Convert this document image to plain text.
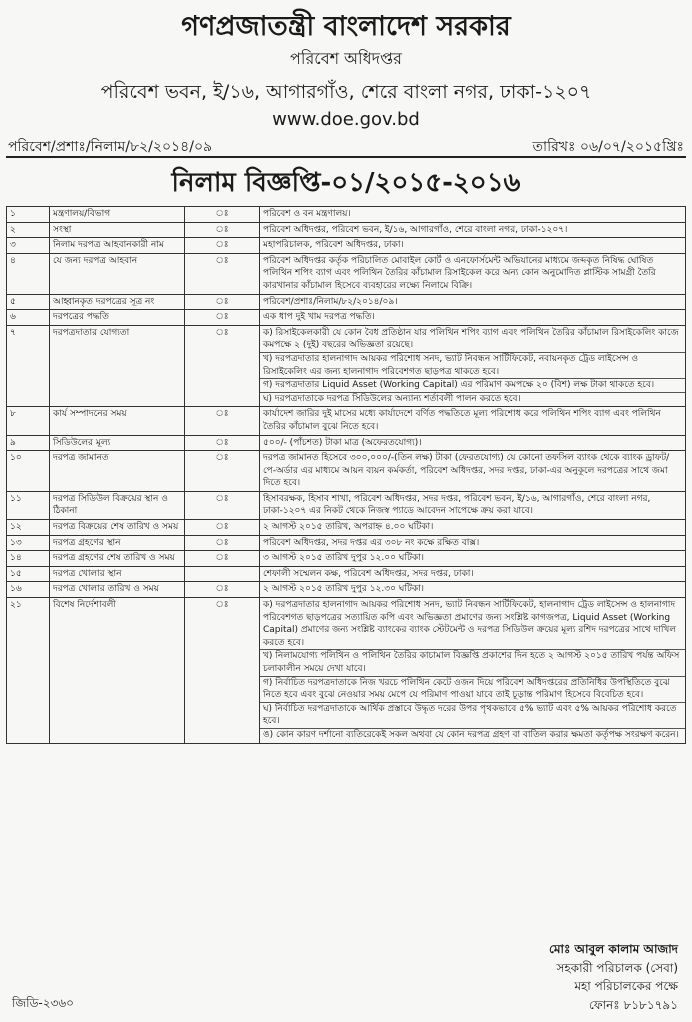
গণপ্রজাতন্ত্রী বাংলাদেশ সরকার
পরিবেশ অধিদপ্তর
পরিবেশ ভবন, ই/১৬, আগারগাঁও, শেরে বাংলা নগর, ঢাকা-১২০৭
www.doe.gov.bd
পরিবেশ/প্রশাঃ/নিলাম/৮২/২০১৪/০৯	তারিখঃ ০৬/০৭/২০১৫খ্রিঃ
নিলাম বিজ্ঞপ্তি-০১/২০১৫-২০১৬
১	মন্ত্রণালয়/বিভাগ	ঃ	পরিবেশ ও বন মন্ত্রণালয়।

২	সংস্থা	ঃ	পরিবেশ অধিদপ্তর, পরিবেশ ভবন, ই/১৬, আগারগাঁও, শেরে বাংলা নগর, ঢাকা-১২০৭।

৩	নিলাম দরপত্র আহবানকারী নাম	ঃ	মহাপরিচালক, পরিবেশ অধিদপ্তর, ঢাকা।

৪	যে জন্য দরপত্র আহবান	ঃ	পরিবেশ অধিদপ্তর কর্তৃক পরিচালিত মোবাইল কোর্ট ও এনফোর্সমেন্ট অভিযানের মাধ্যমে জব্দকৃত নিষিদ্ধ ঘোষিত পলিথিন শপিং ব্যাগ এবং পলিথিন তৈরির কাঁচামাল রিসাইকেল করে অন্য কোন অনুমোদিত প্লাস্টিক সামগ্রী তৈরি কারখানার কাঁচামাল হিসেবে ব্যবহারের লক্ষ্যে নিলামে বিক্রি।

৫	আহ্বানকৃত দরপত্রের সূত্র নং	ঃ	পরিবেশ/প্রশাঃ/নিলাম/৮২/২০১৪/০৯।

৬	দরপত্রের পদ্ধতি	ঃ	এক ধাপ দুই খাম দরপত্র পদ্ধতি।

৭	দরপত্রদাতার যোগ্যতা	ঃ	ক) রিসাইকেলকারী যে কোন বৈধ প্রতিষ্ঠান যার পলিথিন শপিং ব্যাগ এবং পলিথিন তৈরির কাঁচামাল রিসাইকেলিং কাজে কমপক্ষে ২ (দুই) বছরের অভিজ্ঞতা রয়েছে।
খ) দরপত্রদাতার হালনাগাদ আয়কর পরিশোধ সনদ, ভ্যাট নিবন্ধন সার্টিফিকেট, নবায়নকৃত ট্রেড লাইসেন্স ও রিসাইকেলিং এর জন্য হালনাগাদ পরিবেশগত ছাড়পত্র থাকতে হবে।
গ) দরপত্রদাতার Liquid Asset (Working Capital) এর পরিমাণ কমপক্ষে ২০ (বিশ) লক্ষ টাকা থাকতে হবে।
ঘ) দরপত্রদাতাকে দরপত্র সিডিউলের অন্যান্য শর্তাবলী পালন করতে হবে।

৮	কার্য সম্পাদনের সময়	ঃ	কার্যাদেশ জারির দুই মাসের মধ্যে কার্যাদেশে বর্ণিত পদ্ধতিতে মূল্য পরিশোধ করে পলিথিন শপিং ব্যাগ এবং পলিথিন তৈরির কাঁচামাল বুঝে নিতে হবে।

৯	সিডিউলের মূল্য	ঃ	৫০০/- (পাঁচশত) টাকা মাত্র (অফেরতযোগ্য)।

১০	দরপত্র জামানত	ঃ	দরপত্র জামানত হিসেবে ৩০০,০০০/-(তিন লক্ষ) টাকা (ফেরতযোগ্য) যে কোনো তফসিল ব্যাংক থেকে ব্যাংক ড্রাফট/পে-অর্ডার এর মাধ্যমে আয়ন ব্যয়ন কর্মকর্তা, পরিবেশ অধিদপ্তর, সদর দপ্তর, ঢাকা-এর অনুকূলে দরপত্রের সাথে জমা দিতে হবে।

১১	দরপত্র সিডিউল বিক্রয়ের স্থান ও ঠিকানা	ঃ	হিসাবরক্ষক, হিসাব শাখা, পরিবেশ অধিদপ্তর, সদর দপ্তর, পরিবেশ ভবন, ই/১৬, আগারগাঁও, শেরে বাংলা নগর, ঢাকা-১২০৭ এর নিকট থেকে নিজস্ব প্যাডে আবেদন সাপেক্ষে ক্রয় করা যাবে।

১২	দরপত্র বিক্রয়ের শেষ তারিখ ও সময়	ঃ	২ আগস্ট ২০১৫ তারিখ, অপরাহ্ন ৪.০০ ঘটিকা।

১৩	দরপত্র গ্রহণের স্থান	ঃ	পরিবেশ অধিদপ্তর, সদর দপ্তর এর ৩০৮ নং কক্ষে রক্ষিত বাক্স।

১৪	দরপত্র গ্রহণের শেষ তারিখ ও সময়	ঃ	৩ আগস্ট ২০১৫ তারিখ দুপুর ১২.০০ ঘটিকা।

১৫	দরপত্র খোলার স্থান		শেফালী সম্মেলন কক্ষ, পরিবেশ অধিদপ্তর, সদর দপ্তর, ঢাকা।

১৬	দরপত্র খোলার তারিখ ও সময়	ঃ	২ আগস্ট ২০১৫ তারিখ দুপুর ১২.৩০ ঘটিকা।

২১	বিশেষ নির্দেশাবলী	ঃ	ক) দরপত্রদাতার হালনাগাদ আয়কর পরিশোধ সনদ, ভ্যাট নিবন্ধন সার্টিফিকেট, হালনাগাদ ট্রেড লাইসেন্স ও হালনাগাদ পরিবেশগত ছাড়পত্রের সত্যায়িত কপি এবং অভিজ্ঞতা প্রমাণের জন্য সংশ্লিষ্ট কাগজপত্র, Liquid Asset (Working Capital) প্রমাণের জন্য সংশ্লিষ্ট ব্যাংকের ব্যাংক স্টেটমেন্ট ও দরপত্র সিডিউল ক্রয়ের মূল্য রশিদ দরপত্রের সাথে দাখিল করতে হবে।
খ) নিলামযোগ্য পলিথিন ও পলিথিন তৈরির কাচামাল বিজ্ঞপ্তি প্রকাশের দিন হতে ২ আগস্ট ২০১৫ তারিখ পর্যন্ত অফিস চলাকালীন সময়ে দেখা যাবে।
গ) নির্বাচিত দরপত্রদাতাকে নিজ খরচে পলিথিন কেটে ওজন দিয়ে পরিবেশ অধিদপ্তরের প্রতিনিধির উপস্থিতিতে বুঝে নিতে হবে এবং বুঝে নেওয়ার সময় মেপে যে পরিমাণ পাওয়া যাবে তাই চূড়ান্ত পরিমাণ হিসেবে বিবেচিত হবে।
ঘ) নির্বাচিত দরপত্রদাতাকে আর্থিক প্রস্তাবে উদ্ধৃত দরের উপর পৃথকভাবে ৫% ভ্যাট এবং ৫% আয়কর পরিশোধ করতে হবে।
ঙ) কোন কারণ দর্শানো ব্যতিরেকেই সকল অথবা যে কোন দরপত্র গ্রহণ বা বাতিল করার ক্ষমতা কর্তৃপক্ষ সংরক্ষণ করেন।
মোঃ আবুল কালাম আজাদ
সহকারী পরিচালক (সেবা)
মহা পরিচালকের পক্ষে
ফোনঃ ৮১৮১৭৯১
জিডি-২৩৬০
